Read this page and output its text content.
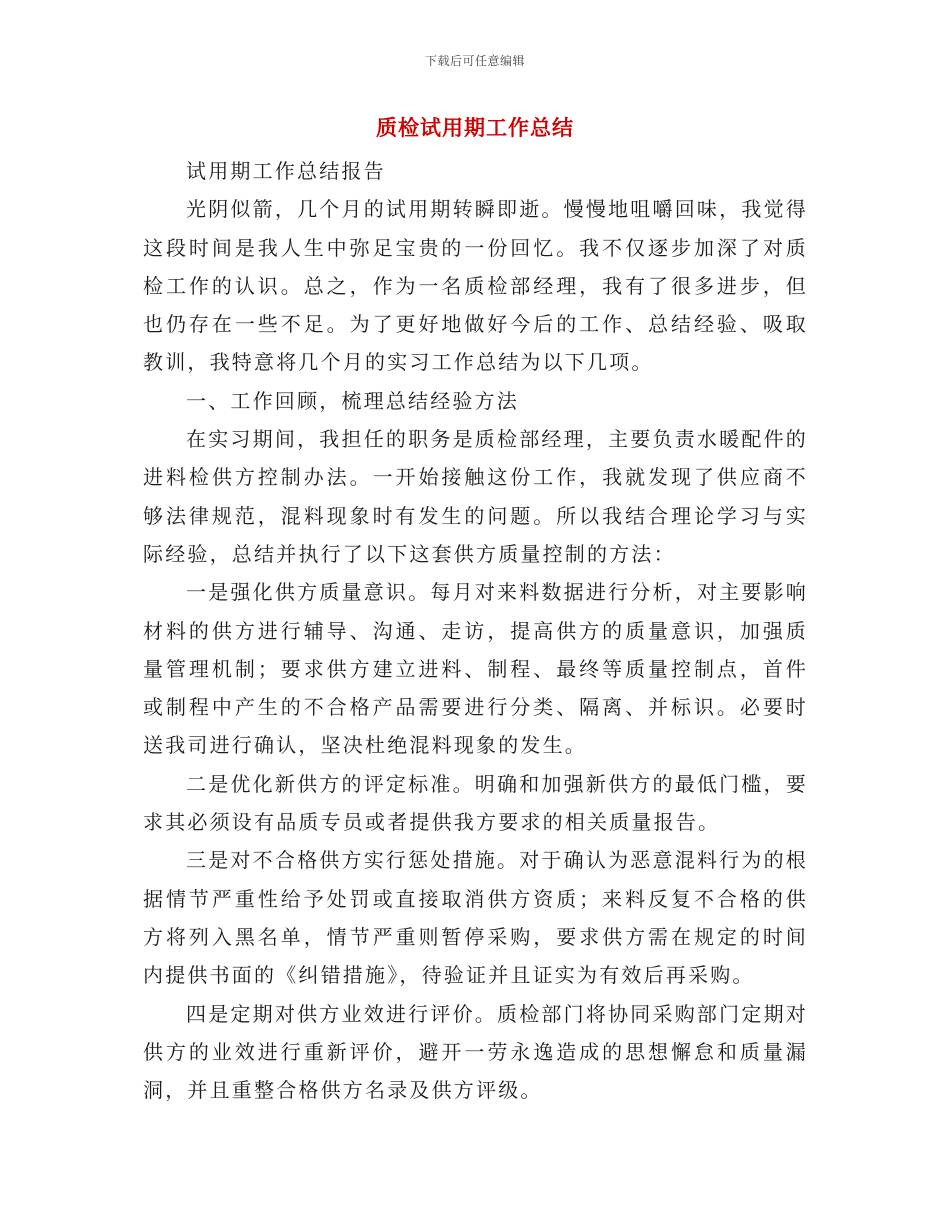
下载后可任意编辑
质检试用期工作总结

试用期工作总结报告

光阴似箭，几个月的试用期转瞬即逝。慢慢地咀嚼回味，我觉得这段时间是我人生中弥足宝贵的一份回忆。我不仅逐步加深了对质检工作的认识。总之，作为一名质检部经理，我有了很多进步，但也仍存在一些不足。为了更好地做好今后的工作、总结经验、吸取教训，我特意将几个月的实习工作总结为以下几项。

一、工作回顾，梳理总结经验方法

在实习期间，我担任的职务是质检部经理，主要负责水暖配件的进料检供方控制办法。一开始接触这份工作，我就发现了供应商不够法律规范，混料现象时有发生的问题。所以我结合理论学习与实际经验，总结并执行了以下这套供方质量控制的方法：

一是强化供方质量意识。每月对来料数据进行分析，对主要影响材料的供方进行辅导、沟通、走访，提高供方的质量意识，加强质量管理机制；要求供方建立进料、制程、最终等质量控制点，首件或制程中产生的不合格产品需要进行分类、隔离、并标识。必要时送我司进行确认，坚决杜绝混料现象的发生。

二是优化新供方的评定标准。明确和加强新供方的最低门槛，要求其必须设有品质专员或者提供我方要求的相关质量报告。

三是对不合格供方实行惩处措施。对于确认为恶意混料行为的根据情节严重性给予处罚或直接取消供方资质；来料反复不合格的供方将列入黑名单，情节严重则暂停采购，要求供方需在规定的时间内提供书面的《纠错措施》，待验证并且证实为有效后再采购。

四是定期对供方业效进行评价。质检部门将协同采购部门定期对供方的业效进行重新评价，避开一劳永逸造成的思想懈怠和质量漏洞，并且重整合格供方名录及供方评级。
